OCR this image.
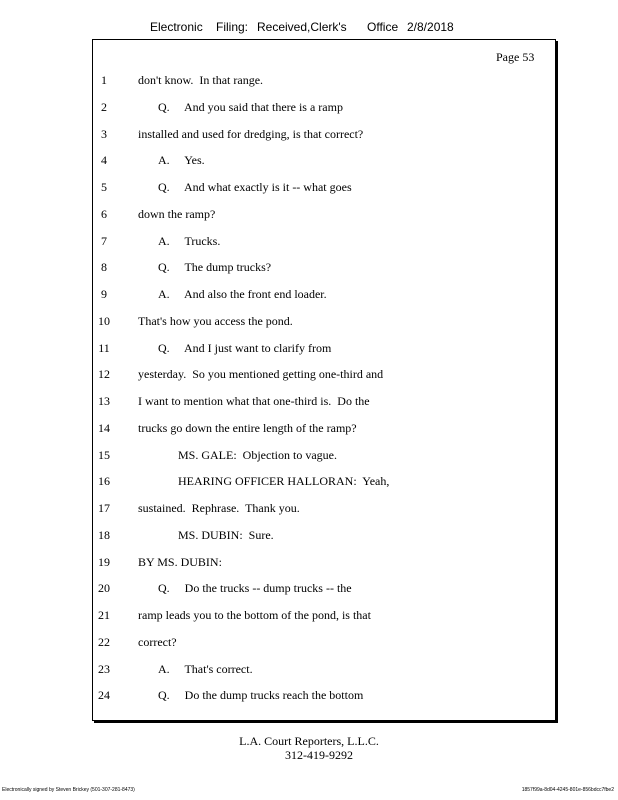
Electronic Filing: Received,Clerk's Office 2/8/2018
Page 53
1	don't know.  In that range.
2	Q.     And you said that there is a ramp
3	installed and used for dredging, is that correct?
4	A.     Yes.
5	Q.     And what exactly is it -- what goes
6	down the ramp?
7	A.     Trucks.
8	Q.     The dump trucks?
9	A.     And also the front end loader.
10	That's how you access the pond.
11	Q.     And I just want to clarify from
12	yesterday.  So you mentioned getting one-third and
13	I want to mention what that one-third is.  Do the
14	trucks go down the entire length of the ramp?
15	MS. GALE:  Objection to vague.
16	HEARING OFFICER HALLORAN:  Yeah,
17	sustained.  Rephrase.  Thank you.
18	MS. DUBIN:  Sure.
19	BY MS. DUBIN:
20	Q.     Do the trucks -- dump trucks -- the
21	ramp leads you to the bottom of the pond, is that
22	correct?
23	A.     That's correct.
24	Q.     Do the dump trucks reach the bottom
L.A. Court Reporters, L.L.C.
312-419-9292
Electronically signed by Steven Brickey (501-307-281-8473)	1857f99a-8d04-4245-801e-856bdcc7fbe2
